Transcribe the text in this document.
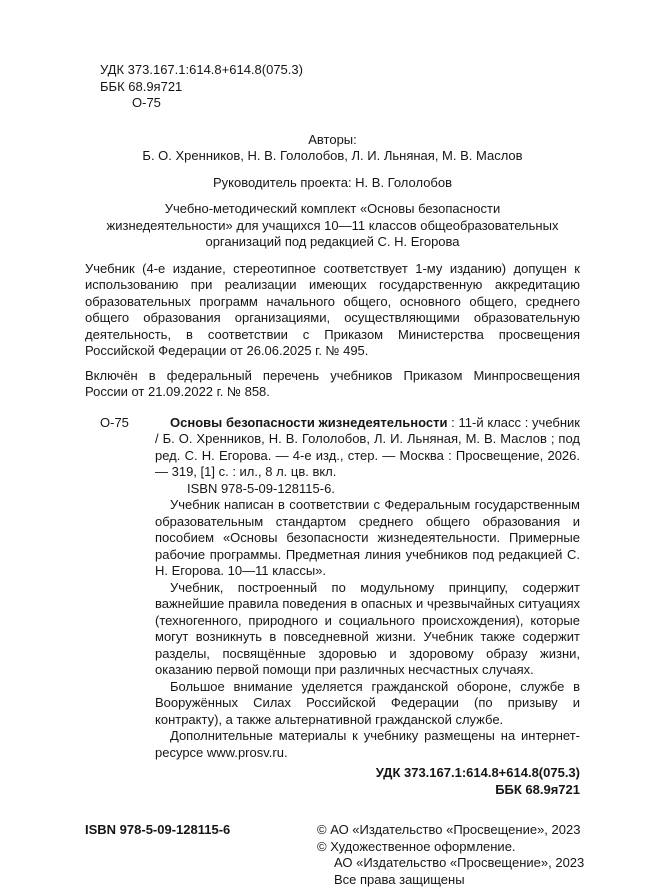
УДК 373.167.1:614.8+614.8(075.3)
ББК 68.9я721
О-75
Авторы:
Б. О. Хренников, Н. В. Гололобов, Л. И. Льняная, М. В. Маслов
Руководитель проекта: Н. В. Гололобов
Учебно-методический комплект «Основы безопасности жизнедеятельности» для учащихся 10—11 классов общеобразовательных организаций под редакцией С. Н. Егорова

Учебник (4-е издание, стереотипное соответствует 1-му изданию) допущен к использованию при реализации имеющих государственную аккредитацию образовательных программ начального общего, основного общего, среднего общего образования организациями, осуществляющими образовательную деятельность, в соответствии с Приказом Министерства просвещения Российской Федерации от 26.06.2025 г. № 495.

Включён в федеральный перечень учебников Приказом Минпросвещения России от 21.09.2022 г. № 858.

О-75	Основы безопасности жизнедеятельности : 11-й класс : учебник / Б. О. Хренников, Н. В. Гололобов, Л. И. Льняная, М. В. Маслов ; под ред. С. Н. Егорова. — 4-е изд., стер. — Москва : Просвещение, 2026. — 319, [1] с. : ил., 8 л. цв. вкл.

ISBN 978-5-09-128115-6.

Учебник написан в соответствии с Федеральным государственным образовательным стандартом среднего общего образования и пособием «Основы безопасности жизнедеятельности. Примерные рабочие программы. Предметная линия учебников под редакцией С. Н. Егорова. 10—11 классы».

Учебник, построенный по модульному принципу, содержит важнейшие правила поведения в опасных и чрезвычайных ситуациях (техногенного, природного и социального происхождения), которые могут возникнуть в повседневной жизни. Учебник также содержит разделы, посвящённые здоровью и здоровому образу жизни, оказанию первой помощи при различных несчастных случаях.

Большое внимание уделяется гражданской обороне, службе в Вооружённых Силах Российской Федерации (по призыву и контракту), а также альтернативной гражданской службе.

Дополнительные материалы к учебнику размещены на интернет-ресурсе www.prosv.ru.

УДК 373.167.1:614.8+614.8(075.3)
ББК 68.9я721
ISBN 978-5-09-128115-6	© АО «Издательство «Просвещение», 2023
© Художественное оформление.
АО «Издательство «Просвещение», 2023
Все права защищены
